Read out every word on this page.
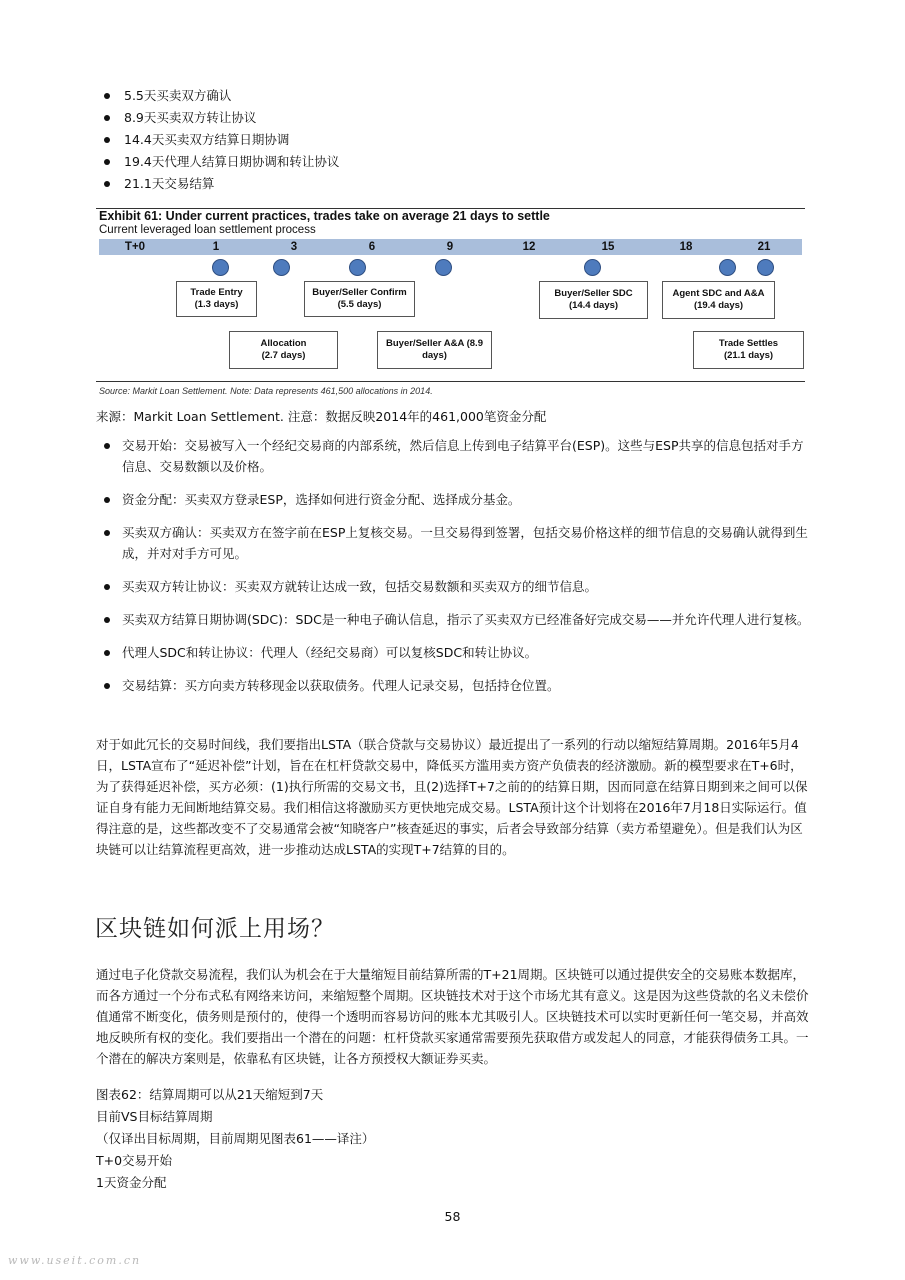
5.5天买卖双方确认
8.9天买卖双方转让协议
14.4天买卖双方结算日期协调
19.4天代理人结算日期协调和转让协议
21.1天交易结算
Exhibit 61: Under current practices, trades take on average 21 days to settle
Current leveraged loan settlement process
T+0	1	3	6	9	12	15	18	21
Trade Entry
(1.3 days)
Allocation
(2.7 days)
Buyer/Seller Confirm
(5.5 days)
Buyer/Seller A&A (8.9
days)
Buyer/Seller SDC
(14.4 days)
Agent SDC and A&A
(19.4 days)
Trade Settles
(21.1 days)
Source: Markit Loan Settlement. Note: Data represents 461,500 allocations in 2014.
来源：Markit Loan Settlement. 注意：数据反映2014年的461,000笔资金分配
交易开始：交易被写入一个经纪交易商的内部系统，然后信息上传到电子结算平台(ESP)。这些与ESP共享的信息包括对手方信息、交易数额以及价格。
资金分配：买卖双方登录ESP，选择如何进行资金分配、选择成分基金。
买卖双方确认：买卖双方在签字前在ESP上复核交易。一旦交易得到签署，包括交易价格这样的细节信息的交易确认就得到生成，并对对手方可见。
买卖双方转让协议：买卖双方就转让达成一致，包括交易数额和买卖双方的细节信息。
买卖双方结算日期协调(SDC)：SDC是一种电子确认信息，指示了买卖双方已经准备好完成交易——并允许代理人进行复核。
代理人SDC和转让协议：代理人（经纪交易商）可以复核SDC和转让协议。
交易结算：买方向卖方转移现金以获取债务。代理人记录交易，包括持仓位置。

对于如此冗长的交易时间线，我们要指出LSTA（联合贷款与交易协议）最近提出了一系列的行动以缩短结算周期。2016年5月4日，LSTA宣布了“延迟补偿”计划，旨在在杠杆贷款交易中，降低买方滥用卖方资产负债表的经济激励。新的模型要求在T+6时，为了获得延迟补偿，买方必须：(1)执行所需的交易文书，且(2)选择T+7之前的的结算日期，因而同意在结算日期到来之间可以保证自身有能力无间断地结算交易。我们相信这将激励买方更快地完成交易。LSTA预计这个计划将在2016年7月18日实际运行。值得注意的是，这些都改变不了交易通常会被“知晓客户”核查延迟的事实，后者会导致部分结算（卖方希望避免）。但是我们认为区块链可以让结算流程更高效，进一步推动达成LSTA的实现T+7结算的目的。

区块链如何派上用场？

通过电子化贷款交易流程，我们认为机会在于大量缩短目前结算所需的T+21周期。区块链可以通过提供安全的交易账本数据库，而各方通过一个分布式私有网络来访问，来缩短整个周期。区块链技术对于这个市场尤其有意义。这是因为这些贷款的名义未偿价值通常不断变化，债务则是预付的，使得一个透明而容易访问的账本尤其吸引人。区块链技术可以实时更新任何一笔交易，并高效地反映所有权的变化。我们要指出一个潜在的问题：杠杆贷款买家通常需要预先获取借方或发起人的同意，才能获得债务工具。一个潜在的解决方案则是，依靠私有区块链，让各方预授权大额证券买卖。

图表62：结算周期可以从21天缩短到7天
目前VS目标结算周期
（仅译出目标周期，目前周期见图表61——译注）
T+0交易开始
1天资金分配
58
www.useit.com.cn
